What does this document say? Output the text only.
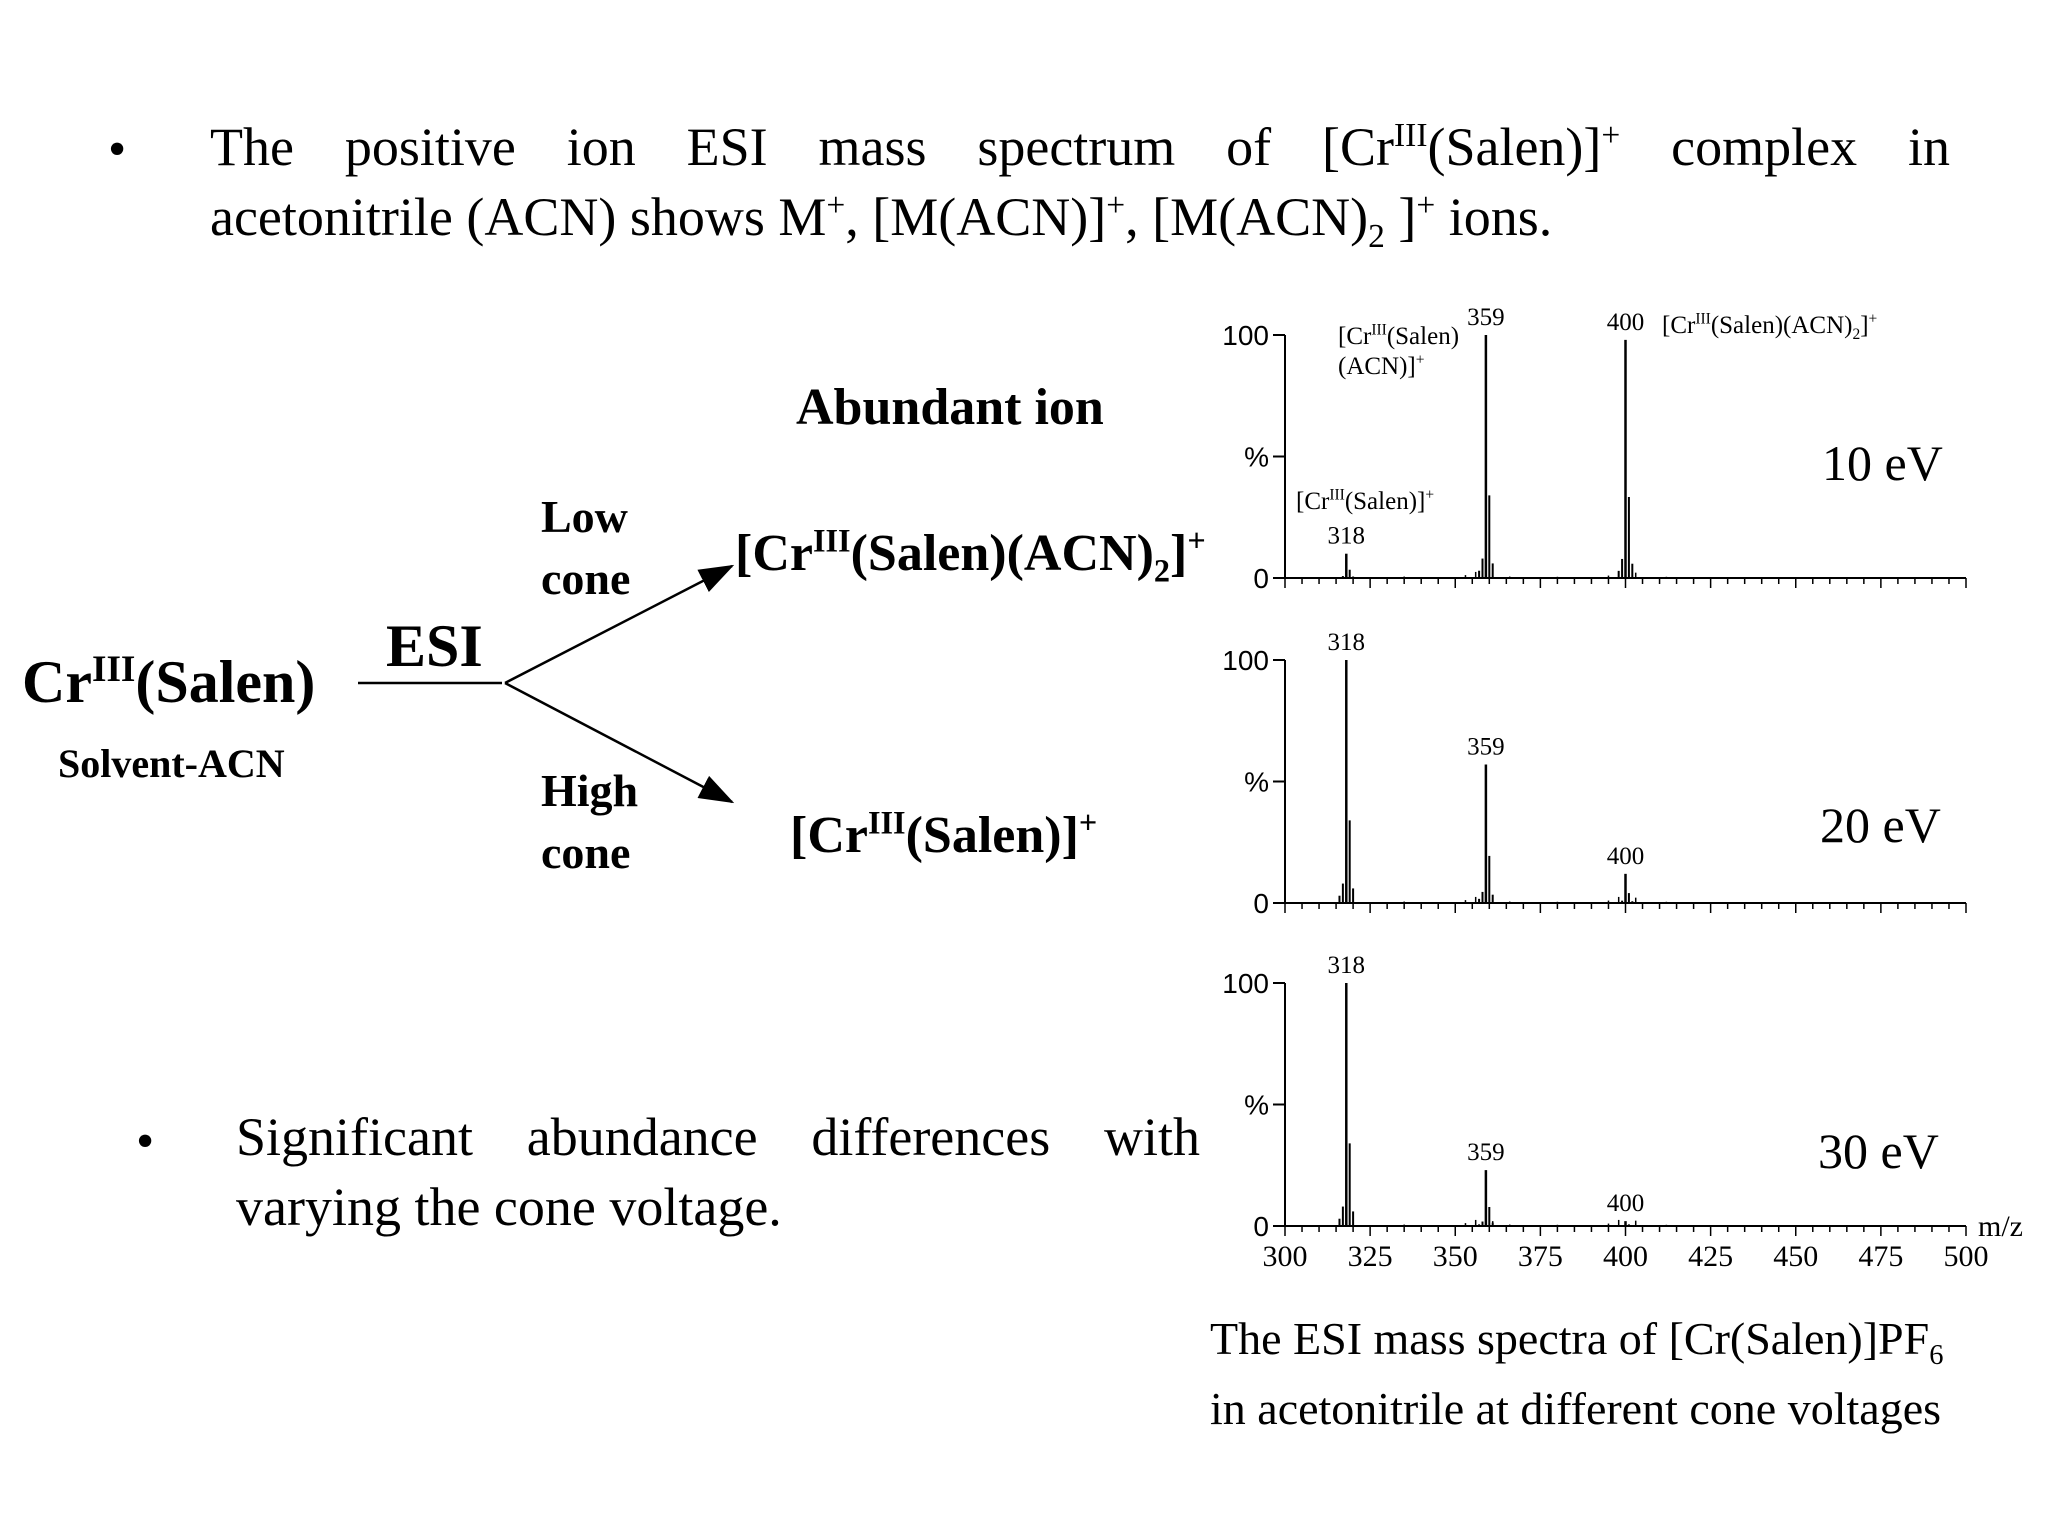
• The positive ion ESI mass spectrum of $[Cr^{III}(Salen)]^+$ complex in
acetonitrile (ACN) shows M+, [M(ACN)]+, [$M(ACN)_2$ ]+ ions.
$Cr^{III}(Salen)$
Solvent-ACN
ESI
Low
cone
High
cone
Abundant ion
$[Cr^{III}(Salen)(ACN)_2]^+$
$[Cr^{III}(Salen)]^+$
• Significant abundance differences with
varying the cone voltage.
0
%
100
318
359	400
0
%
100
318
359
400
0
%
100
318
359
400
300 325 350 375 400 425 450 475 500
m/z
10 eV
20 eV
30 eV
[$Cr^{III}(Salen)$
(ACN)]+
$[Cr^{III}(Salen)(ACN)_2]^+$
$[Cr^{III}(Salen)]^+$
The ESI mass spectra of $[Cr(Salen)]PF_6$
in acetonitrile at different cone voltages
